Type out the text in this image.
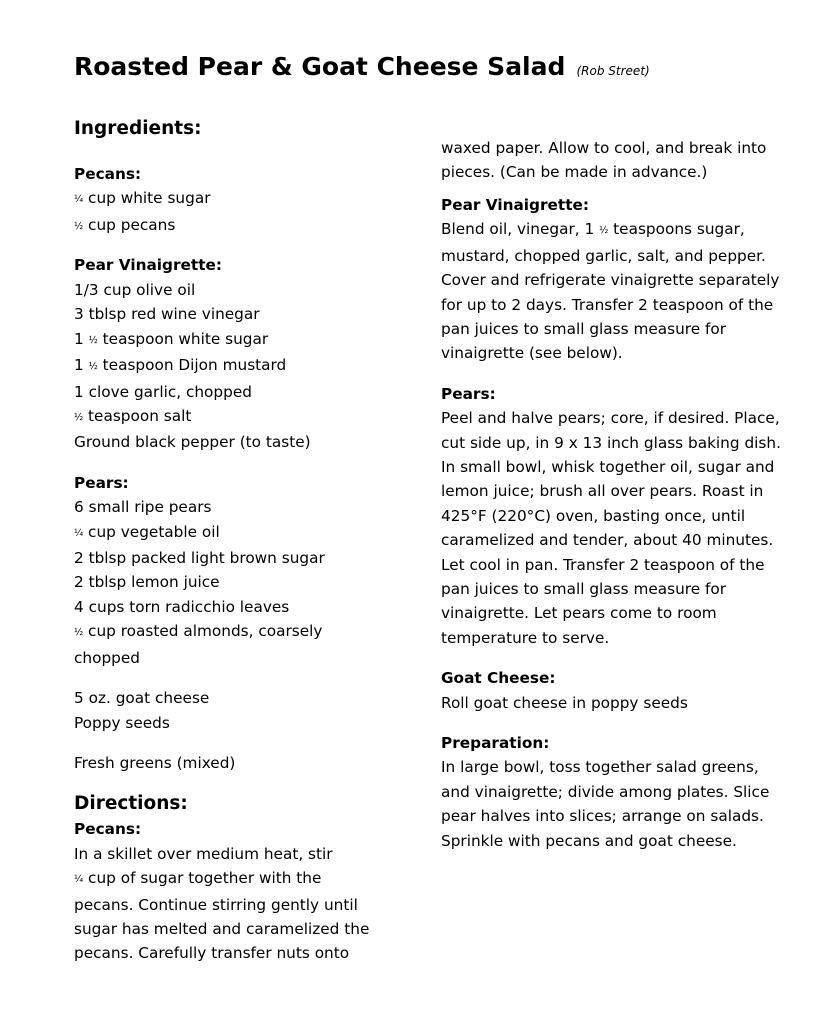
Roasted Pear & Goat Cheese Salad (Rob Street)
Ingredients:
Pecans:
¼ cup white sugar
½ cup pecans
Pear Vinaigrette:
1/3 cup olive oil
3 tblsp red wine vinegar
1 ½ teaspoon white sugar
1 ½ teaspoon Dijon mustard
1 clove garlic, chopped
½ teaspoon salt
Ground black pepper (to taste)
Pears:
6 small ripe pears
¼ cup vegetable oil
2 tblsp packed light brown sugar
2 tblsp lemon juice
4 cups torn radicchio leaves
½ cup roasted almonds, coarsely
chopped
5 oz. goat cheese
Poppy seeds
Fresh greens (mixed)
Directions:
Pecans:
In a skillet over medium heat, stir
¼ cup of sugar together with the
pecans. Continue stirring gently until
sugar has melted and caramelized the
pecans. Carefully transfer nuts onto
waxed paper. Allow to cool, and break into pieces. (Can be made in advance.)
Pear Vinaigrette:
Blend oil, vinegar, 1 ½ teaspoons sugar, mustard, chopped garlic, salt, and pepper. Cover and refrigerate vinaigrette separately for up to 2 days. Transfer 2 teaspoon of the pan juices to small glass measure for vinaigrette (see below).
Pears:
Peel and halve pears; core, if desired. Place, cut side up, in 9 x 13 inch glass baking dish. In small bowl, whisk together oil, sugar and lemon juice; brush all over pears. Roast in 425°F (220°C) oven, basting once, until caramelized and tender, about 40 minutes. Let cool in pan. Transfer 2 teaspoon of the pan juices to small glass measure for vinaigrette. Let pears come to room temperature to serve.
Goat Cheese:
Roll goat cheese in poppy seeds
Preparation:
In large bowl, toss together salad greens, and vinaigrette; divide among plates. Slice pear halves into slices; arrange on salads. Sprinkle with pecans and goat cheese.
